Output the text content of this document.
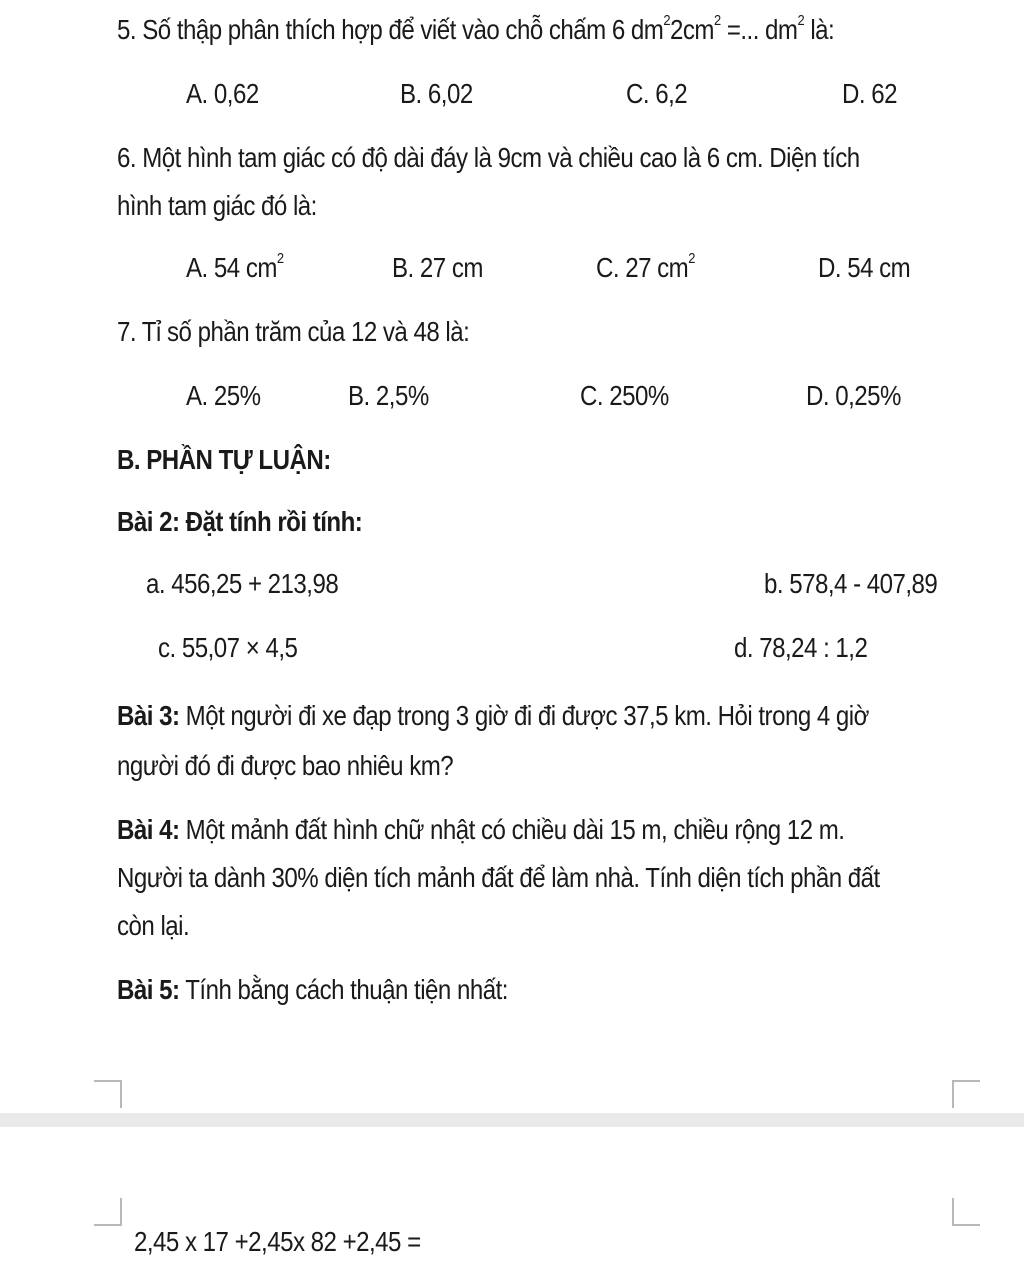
5. Số thập phân thích hợp để viết vào chỗ chấm 6 $dm^22cm^2$ =... $dm^2$ là:
A. 0,62	B. 6,02	C. 6,2	D. 62
6. Một hình tam giác có độ dài đáy là 9cm và chiều cao là 6 cm. Diện tích
hình tam giác đó là:
A. 54 $cm^2$	B. 27 cm	C. 27 $cm^2$	D. 54 cm
7. Tỉ số phần trăm của 12 và 48 là:
A. 25%	B. 2,5%	C. 250%	D. 0,25%
B. PHẦN TỰ LUẬN:
Bài 2: Đặt tính rồi tính:
a. 456,25 + 213,98	b. 578,4 - 407,89
c. 55,07 × 4,5	d. 78,24 : 1,2
Bài 3: Một người đi xe đạp trong 3 giờ đi đi được 37,5 km. Hỏi trong 4 giờ
người đó đi được bao nhiêu km?
Bài 4: Một mảnh đất hình chữ nhật có chiều dài 15 m, chiều rộng 12 m.
Người ta dành 30% diện tích mảnh đất để làm nhà. Tính diện tích phần đất
còn lại.
Bài 5: Tính bằng cách thuận tiện nhất:
2,45 x 17 +2,45x 82 +2,45 =
